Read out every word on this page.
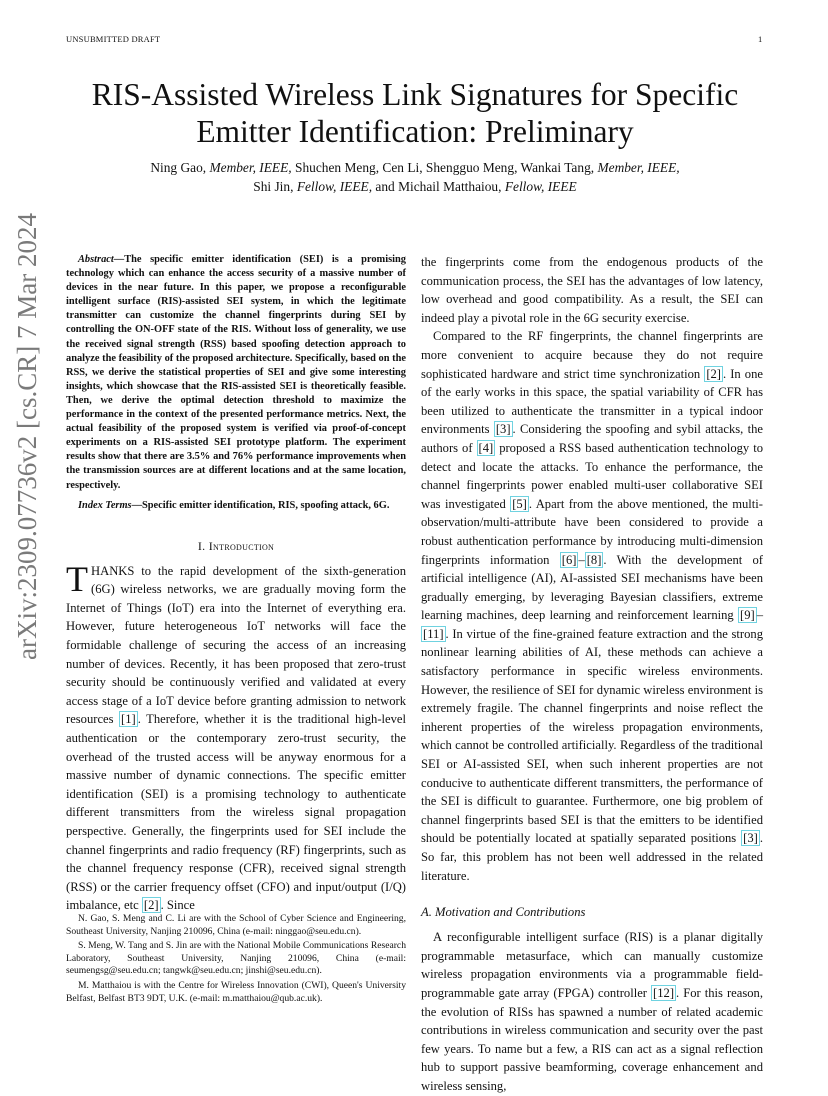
UNSUBMITTED DRAFT	1
RIS-Assisted Wireless Link Signatures for Specific
Emitter Identification: Preliminary
Ning Gao, Member, IEEE, Shuchen Meng, Cen Li, Shengguo Meng, Wankai Tang, Member, IEEE,
Shi Jin, Fellow, IEEE, and Michail Matthaiou, Fellow, IEEE
arXiv:2309.07736v2 [cs.CR] 7 Mar 2024	Abstract—The specific emitter identification (SEI) is a promising technology which can enhance the access security of a massive number of devices in the near future. In this paper, we propose a reconfigurable intelligent surface (RIS)-assisted SEI system, in which the legitimate transmitter can customize the channel fingerprints during SEI by controlling the ON-OFF state of the RIS. Without loss of generality, we use the received signal strength (RSS) based spoofing detection approach to analyze the feasibility of the proposed architecture. Specifically, based on the RSS, we derive the statistical properties of SEI and give some interesting insights, which showcase that the RIS-assisted SEI is theoretically feasible. Then, we derive the optimal detection threshold to maximize the performance in the context of the presented performance metrics. Next, the actual feasibility of the proposed system is verified via proof-of-concept experiments on a RIS-assisted SEI prototype platform. The experiment results show that there are 3.5% and 76% performance improvements when the transmission sources are at different locations and at the same location, respectively.

Index Terms—Specific emitter identification, RIS, spoofing attack, 6G.

I. Introduction

THANKS to the rapid development of the sixth-generation (6G) wireless networks, we are gradually moving form the Internet of Things (IoT) era into the Internet of everything era. However, future heterogeneous IoT networks will face the formidable challenge of securing the access of an increasing number of devices. Recently, it has been proposed that zero-trust security should be continuously verified and validated at every access stage of a IoT device before granting admission to network resources [1] . Therefore, whether it is the traditional high-level authentication or the contemporary zero-trust security, the overhead of the trusted access will be anyway enormous for a massive number of dynamic connections. The specific emitter identification (SEI) is a promising technology to authenticate different transmitters from the wireless signal propagation perspective. Generally, the fingerprints used for SEI include the channel fingerprints and radio frequency (RF) fingerprints, such as the channel frequency response (CFR), received signal strength (RSS) or the carrier frequency offset (CFO) and input/output (I/Q) imbalance, etc [2] . Since

N. Gao, S. Meng and C. Li are with the School of Cyber Science and Engineering, Southeast University, Nanjing 210096, China (e-mail: ninggao@seu.edu.cn).

S. Meng, W. Tang and S. Jin are with the National Mobile Communications Research Laboratory, Southeast University, Nanjing 210096, China (e-mail: seumengsg@seu.edu.cn; tangwk@seu.edu.cn; jinshi@seu.edu.cn).

M. Matthaiou is with the Centre for Wireless Innovation (CWI), Queen's University Belfast, Belfast BT3 9DT, U.K. (e-mail: m.matthaiou@qub.ac.uk).

the fingerprints come from the endogenous products of the communication process, the SEI has the advantages of low latency, low overhead and good compatibility. As a result, the SEI can indeed play a pivotal role in the 6G security exercise.

Compared to the RF fingerprints, the channel fingerprints are more convenient to acquire because they do not require sophisticated hardware and strict time synchronization [2] . In one of the early works in this space, the spatial variability of CFR has been utilized to authenticate the transmitter in a typical indoor environments [3] . Considering the spoofing and sybil attacks, the authors of [4] proposed a RSS based authentication technology to detect and locate the attacks. To enhance the performance, the channel fingerprints power enabled multi-user collaborative SEI was investigated [5] . Apart from the above mentioned, the multi-observation/multi-attribute have been considered to provide a robust authentication performance by introducing multi-dimension fingerprints information [6] – [8] . With the development of artificial intelligence (AI), AI-assisted SEI mechanisms have been gradually emerging, by leveraging Bayesian classifiers, extreme learning machines, deep learning and reinforcement learning [9] –[11] . In virtue of the fine-grained feature extraction and the strong nonlinear learning abilities of AI, these methods can achieve a satisfactory performance in specific wireless environments. However, the resilience of SEI for dynamic wireless environment is extremely fragile. The channel fingerprints and noise reflect the inherent properties of the wireless propagation environments, which cannot be controlled artificially. Regardless of the traditional SEI or AI-assisted SEI, when such inherent properties are not conducive to authenticate different transmitters, the performance of the SEI is difficult to guarantee. Furthermore, one big problem of channel fingerprints based SEI is that the emitters to be identified should be potentially located at spatially separated positions [3] . So far, this problem has not been well addressed in the related literature.

A. Motivation and Contributions

A reconfigurable intelligent surface (RIS) is a planar digitally programmable metasurface, which can manually customize wireless propagation environments via a programmable field-programmable gate array (FPGA) controller [12] . For this reason, the evolution of RISs has spawned a number of related academic contributions in wireless communication and security over the past few years. To name but a few, a RIS can act as a signal reflection hub to support passive beamforming, coverage enhancement and wireless sensing,
